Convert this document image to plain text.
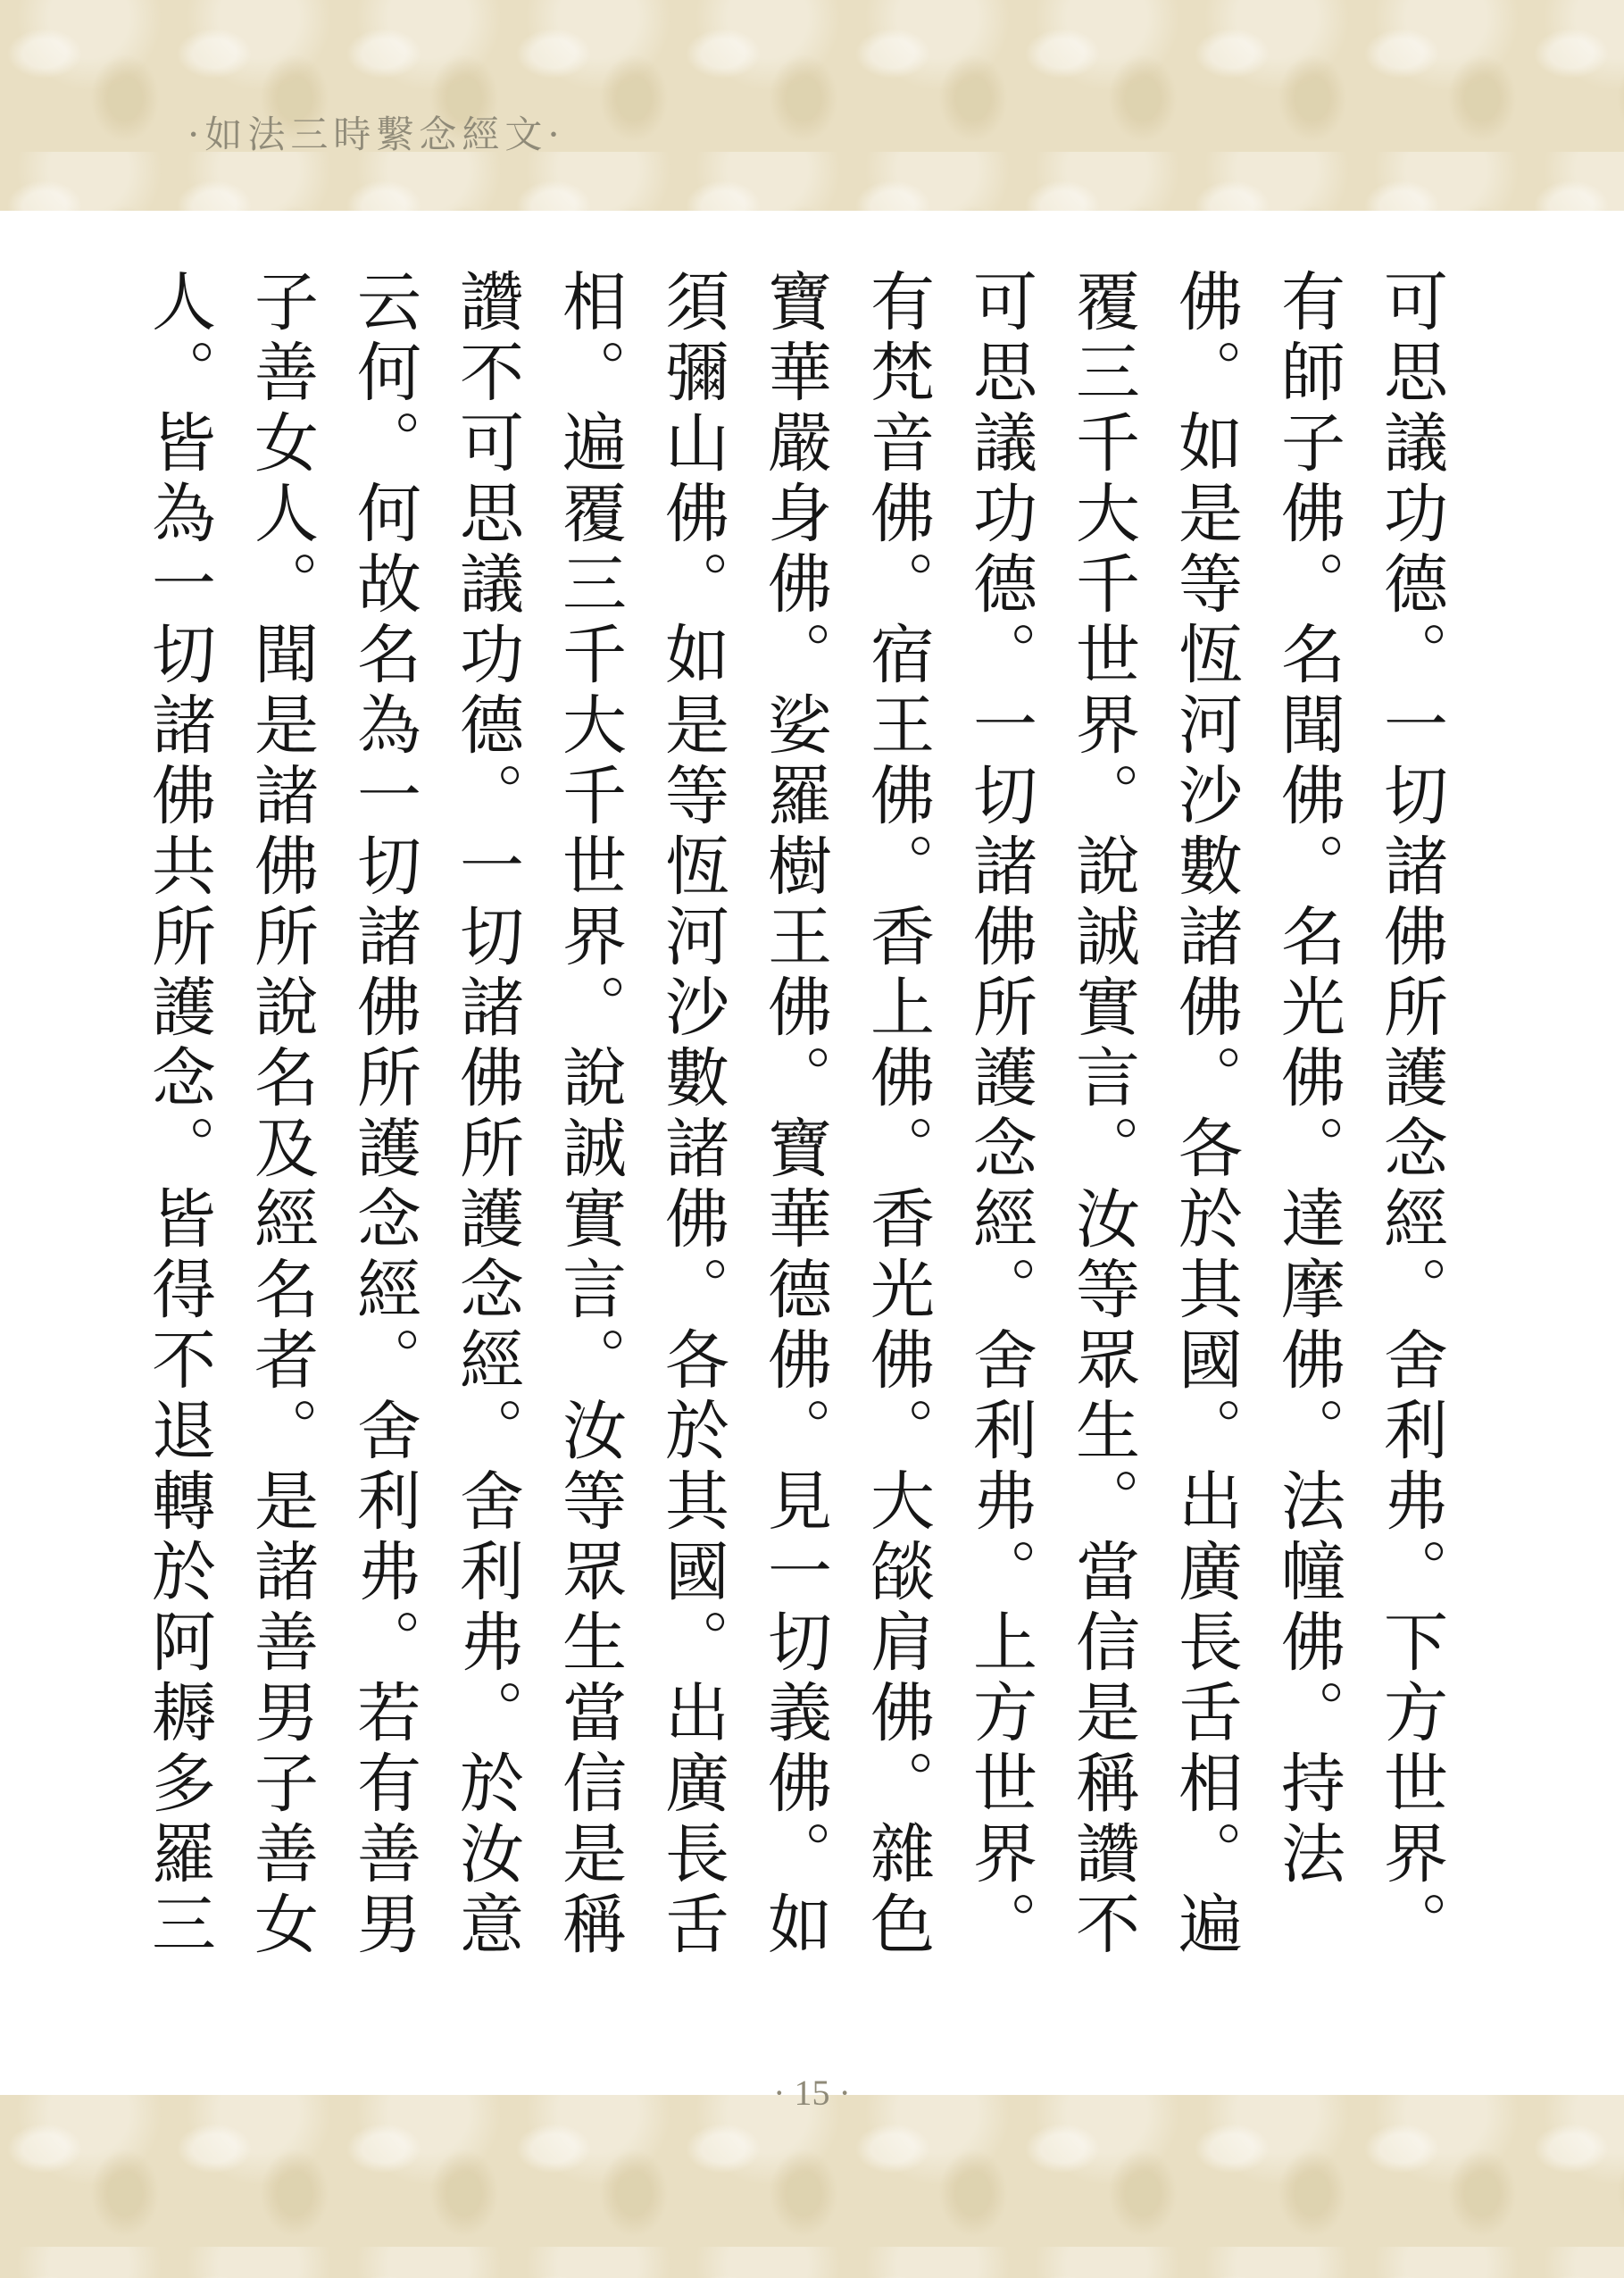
·如法三時繫念經文·
可思議功德。一切諸佛所護念經。舍利弗。下方世界。
有師子佛。名聞佛。名光佛。達摩佛。法幢佛。持法
佛。如是等恆河沙數諸佛。各於其國。出廣長舌相。遍
覆三千大千世界。說誠實言。汝等眾生。當信是稱讚不
可思議功德。一切諸佛所護念經。舍利弗。上方世界。
有梵音佛。宿王佛。香上佛。香光佛。大燄肩佛。雜色
寶華嚴身佛。娑羅樹王佛。寶華德佛。見一切義佛。如
須彌山佛。如是等恆河沙數諸佛。各於其國。出廣長舌
相。遍覆三千大千世界。說誠實言。汝等眾生當信是稱
讚不可思議功德。一切諸佛所護念經。舍利弗。於汝意
云何。何故名為一切諸佛所護念經。舍利弗。若有善男
子善女人。聞是諸佛所說名及經名者。是諸善男子善女
人。皆為一切諸佛共所護念。皆得不退轉於阿耨多羅三
· 15 ·
